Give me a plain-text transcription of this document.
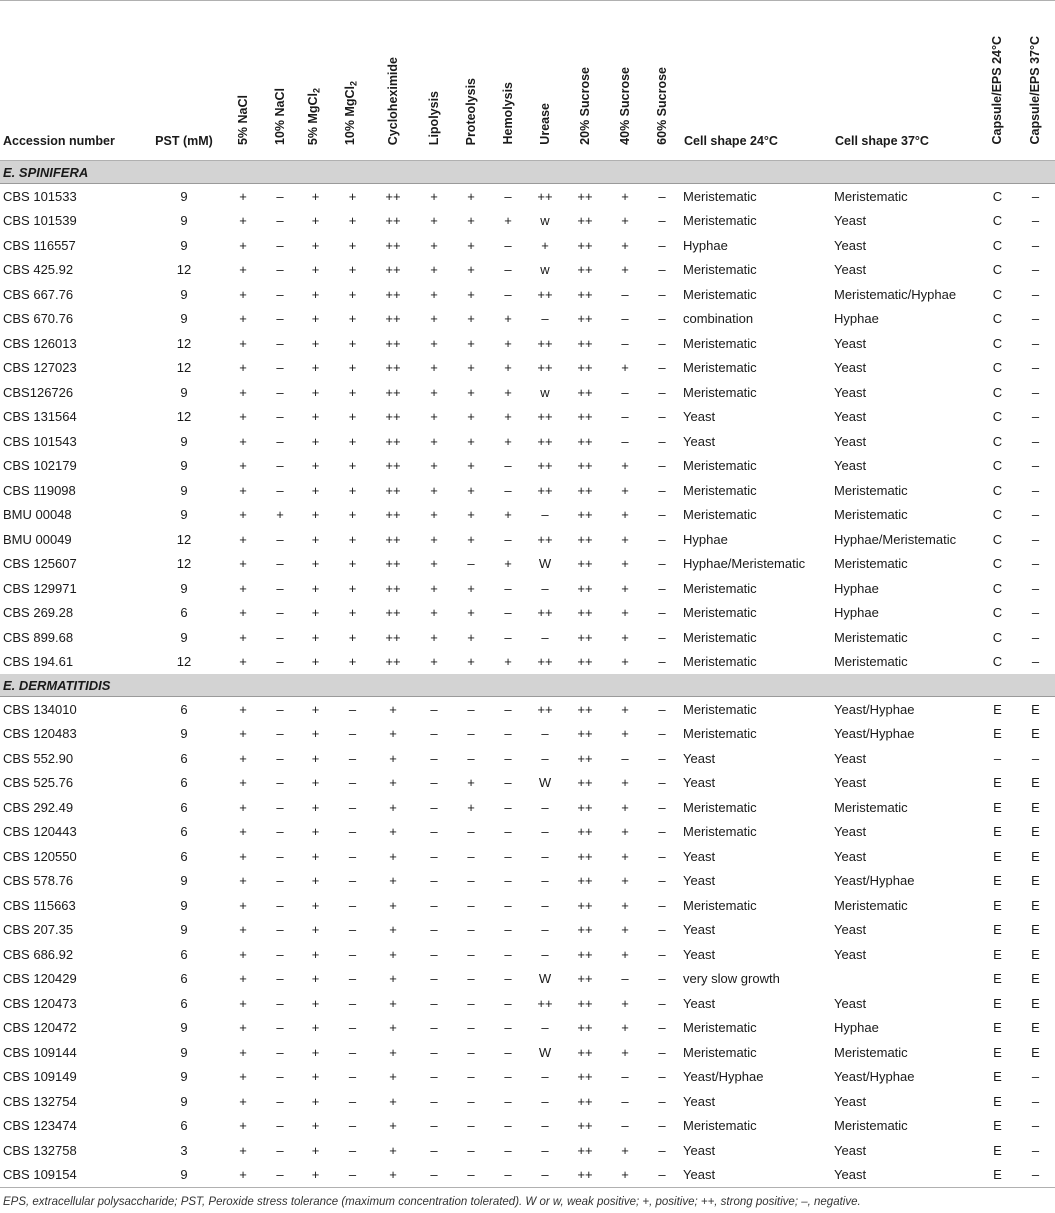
Accession number	PST (mM)	5% NaCl	10% NaCl	5% MgCl$_2$	10% MgCl$_2$	Cycloheximide	Lipolysis	Proteolysis	Hemolysis	Urease	20% Sucrose	40% Sucrose	60% Sucrose	Cell shape 24°C	Cell shape 37°C	Capsule/EPS 24°C	Capsule/EPS 37°C
E. SPINIFERA																	
CBS 101533	9	+	–	+	+	++	+	+	–	++	++	+	–	Meristematic	Meristematic	C	–
CBS 101539	9	+	–	+	+	++	+	+	+	w	++	+	–	Meristematic	Yeast	C	–
CBS 116557	9	+	–	+	+	++	+	+	–	+	++	+	–	Hyphae	Yeast	C	–
CBS 425.92	12	+	–	+	+	++	+	+	–	w	++	+	–	Meristematic	Yeast	C	–
CBS 667.76	9	+	–	+	+	++	+	+	–	++	++	–	–	Meristematic	Meristematic/Hyphae	C	–
CBS 670.76	9	+	–	+	+	++	+	+	+	–	++	–	–	combination	Hyphae	C	–
CBS 126013	12	+	–	+	+	++	+	+	+	++	++	–	–	Meristematic	Yeast	C	–
CBS 127023	12	+	–	+	+	++	+	+	+	++	++	+	–	Meristematic	Yeast	C	–
CBS126726	9	+	–	+	+	++	+	+	+	w	++	–	–	Meristematic	Yeast	C	–
CBS 131564	12	+	–	+	+	++	+	+	+	++	++	–	–	Yeast	Yeast	C	–
CBS 101543	9	+	–	+	+	++	+	+	+	++	++	–	–	Yeast	Yeast	C	–
CBS 102179	9	+	–	+	+	++	+	+	–	++	++	+	–	Meristematic	Yeast	C	–
CBS 119098	9	+	–	+	+	++	+	+	–	++	++	+	–	Meristematic	Meristematic	C	–
BMU 00048	9	+	+	+	+	++	+	+	+	–	++	+	–	Meristematic	Meristematic	C	–
BMU 00049	12	+	–	+	+	++	+	+	–	++	++	+	–	Hyphae	Hyphae/Meristematic	C	–
CBS 125607	12	+	–	+	+	++	+	–	+	W	++	+	–	Hyphae/Meristematic	Meristematic	C	–
CBS 129971	9	+	–	+	+	++	+	+	–	–	++	+	–	Meristematic	Hyphae	C	–
CBS 269.28	6	+	–	+	+	++	+	+	–	++	++	+	–	Meristematic	Hyphae	C	–
CBS 899.68	9	+	–	+	+	++	+	+	–	–	++	+	–	Meristematic	Meristematic	C	–
CBS 194.61	12	+	–	+	+	++	+	+	+	++	++	+	–	Meristematic	Meristematic	C	–
E. DERMATITIDIS																	
CBS 134010	6	+	–	+	–	+	–	–	–	++	++	+	–	Meristematic	Yeast/Hyphae	E	E
CBS 120483	9	+	–	+	–	+	–	–	–	–	++	+	–	Meristematic	Yeast/Hyphae	E	E
CBS 552.90	6	+	–	+	–	+	–	–	–	–	++	–	–	Yeast	Yeast	–	–
CBS 525.76	6	+	–	+	–	+	–	+	–	W	++	+	–	Yeast	Yeast	E	E
CBS 292.49	6	+	–	+	–	+	–	+	–	–	++	+	–	Meristematic	Meristematic	E	E
CBS 120443	6	+	–	+	–	+	–	–	–	–	++	+	–	Meristematic	Yeast	E	E
CBS 120550	6	+	–	+	–	+	–	–	–	–	++	+	–	Yeast	Yeast	E	E
CBS 578.76	9	+	–	+	–	+	–	–	–	–	++	+	–	Yeast	Yeast/Hyphae	E	E
CBS 115663	9	+	–	+	–	+	–	–	–	–	++	+	–	Meristematic	Meristematic	E	E
CBS 207.35	9	+	–	+	–	+	–	–	–	–	++	+	–	Yeast	Yeast	E	E
CBS 686.92	6	+	–	+	–	+	–	–	–	–	++	+	–	Yeast	Yeast	E	E
CBS 120429	6	+	–	+	–	+	–	–	–	W	++	–	–	very slow growth		E	E
CBS 120473	6	+	–	+	–	+	–	–	–	++	++	+	–	Yeast	Yeast	E	E
CBS 120472	9	+	–	+	–	+	–	–	–	–	++	+	–	Meristematic	Hyphae	E	E
CBS 109144	9	+	–	+	–	+	–	–	–	W	++	+	–	Meristematic	Meristematic	E	E
CBS 109149	9	+	–	+	–	+	–	–	–	–	++	–	–	Yeast/Hyphae	Yeast/Hyphae	E	–
CBS 132754	9	+	–	+	–	+	–	–	–	–	++	–	–	Yeast	Yeast	E	–
CBS 123474	6	+	–	+	–	+	–	–	–	–	++	–	–	Meristematic	Meristematic	E	–
CBS 132758	3	+	–	+	–	+	–	–	–	–	++	+	–	Yeast	Yeast	E	–
CBS 109154	9	+	–	+	–	+	–	–	–	–	++	+	–	Yeast	Yeast	E	–
EPS, extracellular polysaccharide; PST, Peroxide stress tolerance (maximum concentration tolerated). W or w, weak positive; +, positive; ++, strong positive; –, negative.
